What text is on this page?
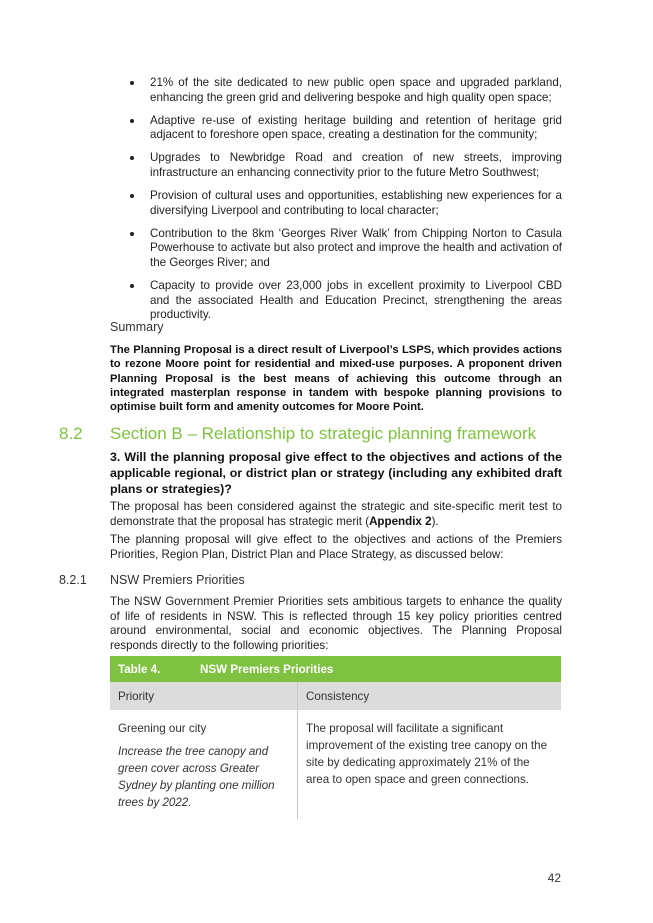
21% of the site dedicated to new public open space and upgraded parkland, enhancing the green grid and delivering bespoke and high quality open space;
Adaptive re-use of existing heritage building and retention of heritage grid adjacent to foreshore open space, creating a destination for the community;
Upgrades to Newbridge Road and creation of new streets, improving infrastructure an enhancing connectivity prior to the future Metro Southwest;
Provision of cultural uses and opportunities, establishing new experiences for a diversifying Liverpool and contributing to local character;
Contribution to the 8km ‘Georges River Walk’ from Chipping Norton to Casula Powerhouse to activate but also protect and improve the health and activation of the Georges River; and
Capacity to provide over 23,000 jobs in excellent proximity to Liverpool CBD and the associated Health and Education Precinct, strengthening the areas productivity.
Summary
The Planning Proposal is a direct result of Liverpool’s LSPS, which provides actions to rezone Moore point for residential and mixed-use purposes. A proponent driven Planning Proposal is the best means of achieving this outcome through an integrated masterplan response in tandem with bespoke planning provisions to optimise built form and amenity outcomes for Moore Point.
8.2 Section B – Relationship to strategic planning framework
3. Will the planning proposal give effect to the objectives and actions of the applicable regional, or district plan or strategy (including any exhibited draft plans or strategies)?
The proposal has been considered against the strategic and site-specific merit test to demonstrate that the proposal has strategic merit (Appendix 2).
The planning proposal will give effect to the objectives and actions of the Premiers Priorities, Region Plan, District Plan and Place Strategy, as discussed below:
8.2.1 NSW Premiers Priorities
The NSW Government Premier Priorities sets ambitious targets to enhance the quality of life of residents in NSW. This is reflected through 15 key policy priorities centred around environmental, social and economic objectives. The Planning Proposal responds directly to the following priorities:
Table 4. NSW Premiers Priorities	
Priority	Consistency

Greening our city
Increase the tree canopy and green cover across Greater Sydney by planting one million trees by 2022.	The proposal will facilitate a significant improvement of the existing tree canopy on the site by dedicating approximately 21% of the area to open space and green connections.
42
